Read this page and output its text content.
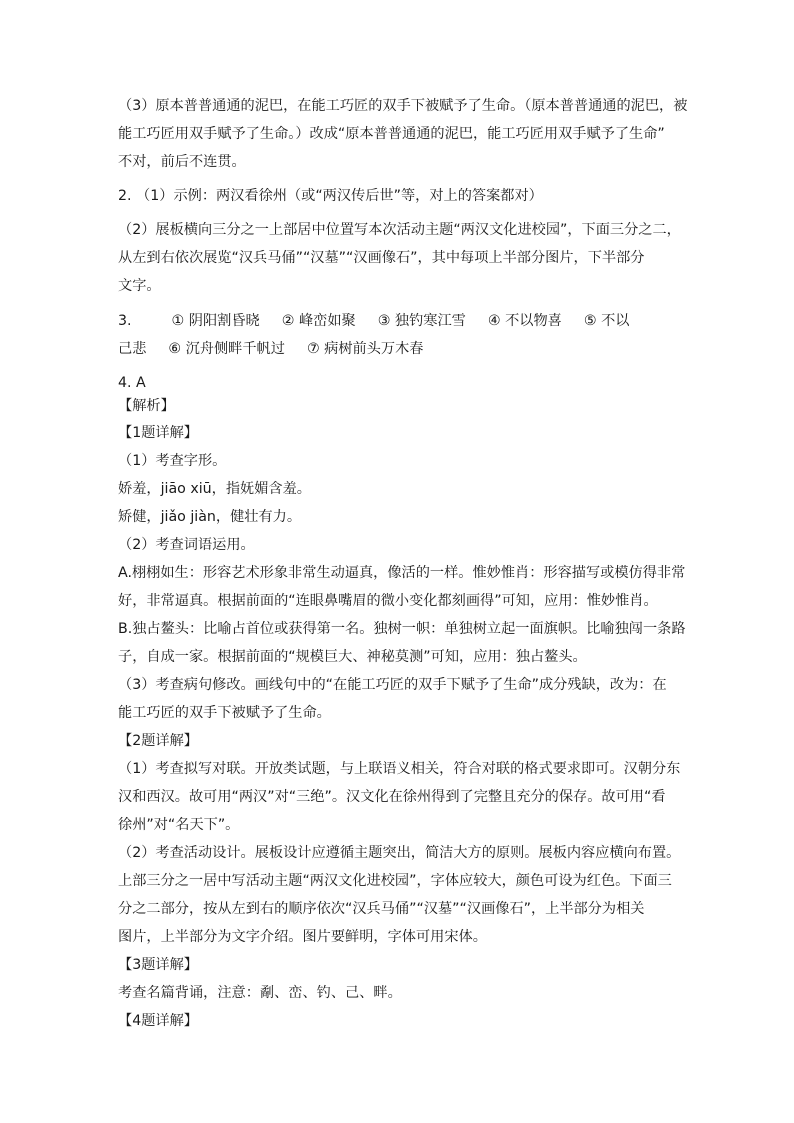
（3）原本普普通通的泥巴，在能工巧匠的双手下被赋予了生命。（原本普普通通的泥巴，被
能工巧匠用双手赋予了生命。）改成“原本普普通通的泥巴，能工巧匠用双手赋予了生命”
不对，前后不连贯。
2. （1）示例：两汉看徐州（或“两汉传后世”等，对上的答案都对）
（2）展板横向三分之一上部居中位置写本次活动主题“两汉文化进校园”，下面三分之二，
从左到右依次展览“汉兵马俑”“汉墓”“汉画像石”，其中每项上半部分图片，下半部分
文字。
3.	① 阴阳割昏晓 ② 峰峦如聚 ③ 独钓寒江雪 ④ 不以物喜 ⑤ 不以
己悲 ⑥ 沉舟侧畔千帆过 ⑦ 病树前头万木春
4. A
【解析】
【1题详解】
（1）考查字形。
娇羞，jiāo xiū，指妩媚含羞。
矫健，jiǎo jiàn，健壮有力。
（2）考查词语运用。
A.栩栩如生：形容艺术形象非常生动逼真，像活的一样。惟妙惟肖：形容描写或模仿得非常
好，非常逼真。根据前面的“连眼鼻嘴眉的微小变化都刻画得”可知，应用：惟妙惟肖。
B.独占鳌头：比喻占首位或获得第一名。独树一帜：单独树立起一面旗帜。比喻独闯一条路
子，自成一家。根据前面的“规模巨大、神秘莫测”可知，应用：独占鳌头。
（3）考查病句修改。画线句中的“在能工巧匠的双手下赋予了生命”成分残缺，改为：在
能工巧匠的双手下被赋予了生命。
【2题详解】
（1）考查拟写对联。开放类试题，与上联语义相关，符合对联的格式要求即可。汉朝分东
汉和西汉。故可用“两汉”对“三绝”。汉文化在徐州得到了完整且充分的保存。故可用“看
徐州”对“名天下”。
（2）考查活动设计。展板设计应遵循主题突出，简洁大方的原则。展板内容应横向布置。
上部三分之一居中写活动主题“两汉文化进校园”，字体应较大，颜色可设为红色。下面三
分之二部分，按从左到右的顺序依次“汉兵马俑”“汉墓”“汉画像石”，上半部分为相关
图片，上半部分为文字介绍。图片要鲜明，字体可用宋体。
【3题详解】
考查名篇背诵，注意：劀、峦、钓、己、畔。
【4题详解】
